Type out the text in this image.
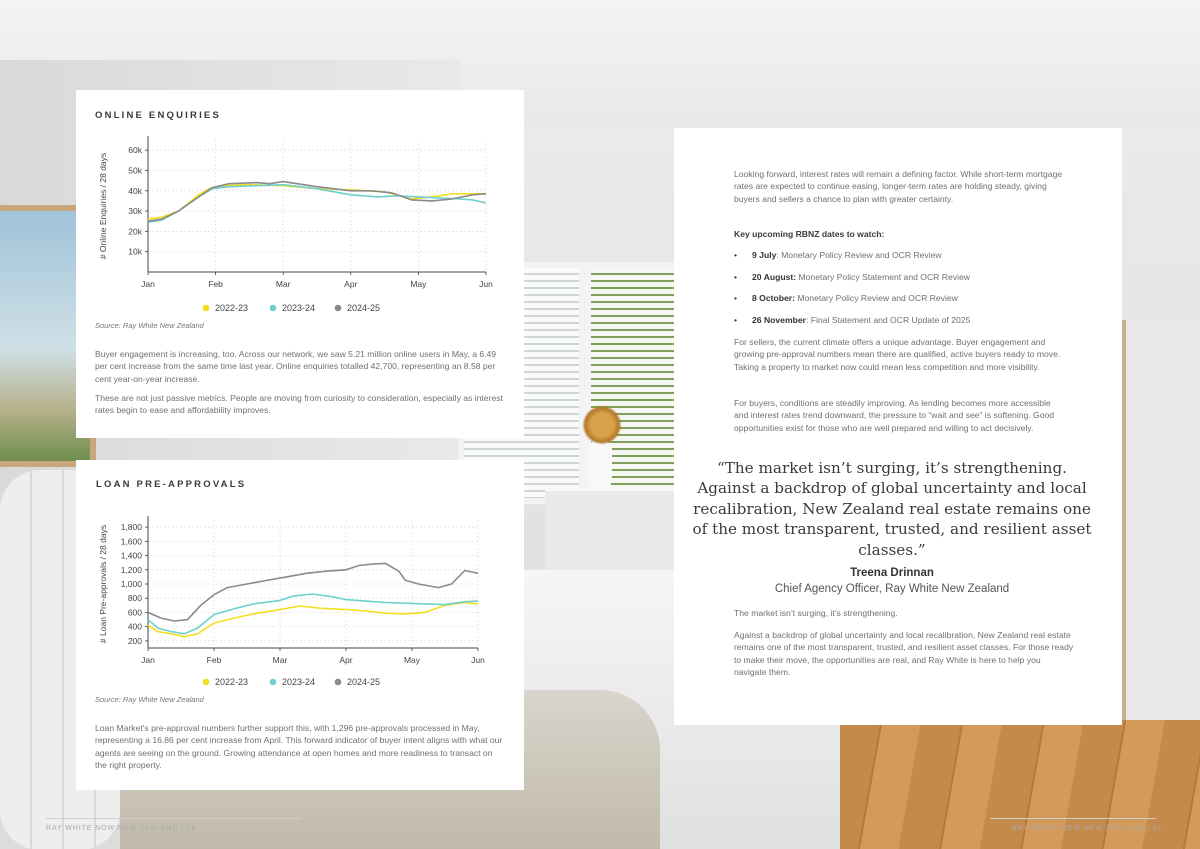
ONLINE ENQUIRIES
10k
20k
30k
40k
50k
60k
Jan	Feb	Mar	Apr	May	Jun
# Online Enquiries / 28 days
2022-23	2023-24	2024-25
Source: Ray White New Zealand

Buyer engagement is increasing, too. Across our network, we saw 5.21 million online users in May, a 6.49 per cent increase from the same time last year. Online enquiries totalled 42,700, representing an 8.58 per cent year-on-year increase.

These are not just passive metrics. People are moving from curiosity to consideration, especially as interest rates begin to ease and affordability improves.

LOAN PRE-APPROVALS
200
400
600
800
1,000
1,200
1,400
1,600
1,800
Jan	Feb	Mar	Apr	May	Jun
# Loan Pre-approvals / 28 days
2022-23	2023-24	2024-25
Source: Ray White New Zealand

Loan Market's pre-approval numbers further support this, with 1,296 pre-approvals processed in May, representing a 16.86 per cent increase from April. This forward indicator of buyer intent aligns with what our agents are seeing on the ground. Growing attendance at open homes and more readiness to transact on the right property.

Looking forward, interest rates will remain a defining factor. While short-term mortgage rates are expected to continue easing, longer-term rates are holding steady, giving buyers and sellers a chance to plan with greater certainty.

Key upcoming RBNZ dates to watch:

• 9 July: Monetary Policy Review and OCR Review
• 20 August: Monetary Policy Statement and OCR Review
• 8 October: Monetary Policy Review and OCR Review
• 26 November: Final Statement and OCR Update of 2025

For sellers, the current climate offers a unique advantage. Buyer engagement and growing pre-approval numbers mean there are qualified, active buyers ready to move. Taking a property to market now could mean less competition and more visibility.

For buyers, conditions are steadily improving. As lending becomes more accessible and interest rates trend downward, the pressure to “wait and see” is softening. Good opportunities exist for those who are well prepared and willing to act decisively.

“The market isn’t surging, it’s strengthening. Against a backdrop of global uncertainty and local recalibration, New Zealand real estate remains one of the most transparent, trusted, and resilient asset classes.”

Treena Drinnan
Chief Agency Officer, Ray White New Zealand

The market isn’t surging, it’s strengthening.

Against a backdrop of global uncertainty and local recalibration, New Zealand real estate remains one of the most transparent, trusted, and resilient asset classes. For those ready to make their move, the opportunities are real, and Ray White is here to help you navigate them.

RAY WHITE NOW NEW ZEALAND | 16	RAY WHITE NOW NEW ZEALAND | 17
